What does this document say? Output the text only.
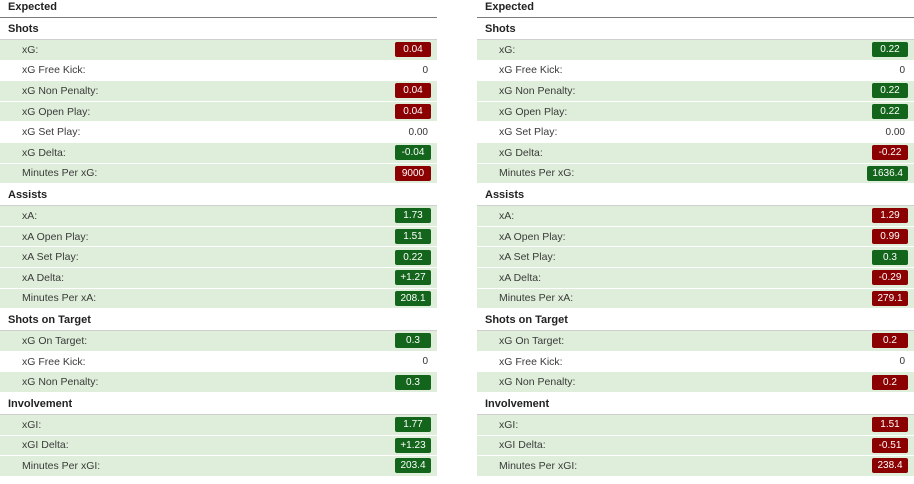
Expected
Shots
xG:	0.04
xG Free Kick:	0
xG Non Penalty:	0.04
xG Open Play:	0.04
xG Set Play:	0.00
xG Delta:	-0.04
Minutes Per xG:	9000
Assists
xA:	1.73
xA Open Play:	1.51
xA Set Play:	0.22
xA Delta:	+1.27
Minutes Per xA:	208.1
Shots on Target
xG On Target:	0.3
xG Free Kick:	0
xG Non Penalty:	0.3
Involvement
xGI:	1.77
xGI Delta:	+1.23
Minutes Per xGI:	203.4
Expected
Shots
xG:	0.22
xG Free Kick:	0
xG Non Penalty:	0.22
xG Open Play:	0.22
xG Set Play:	0.00
xG Delta:	-0.22
Minutes Per xG:	1636.4
Assists
xA:	1.29
xA Open Play:	0.99
xA Set Play:	0.3
xA Delta:	-0.29
Minutes Per xA:	279.1
Shots on Target
xG On Target:	0.2
xG Free Kick:	0
xG Non Penalty:	0.2
Involvement
xGI:	1.51
xGI Delta:	-0.51
Minutes Per xGI:	238.4
